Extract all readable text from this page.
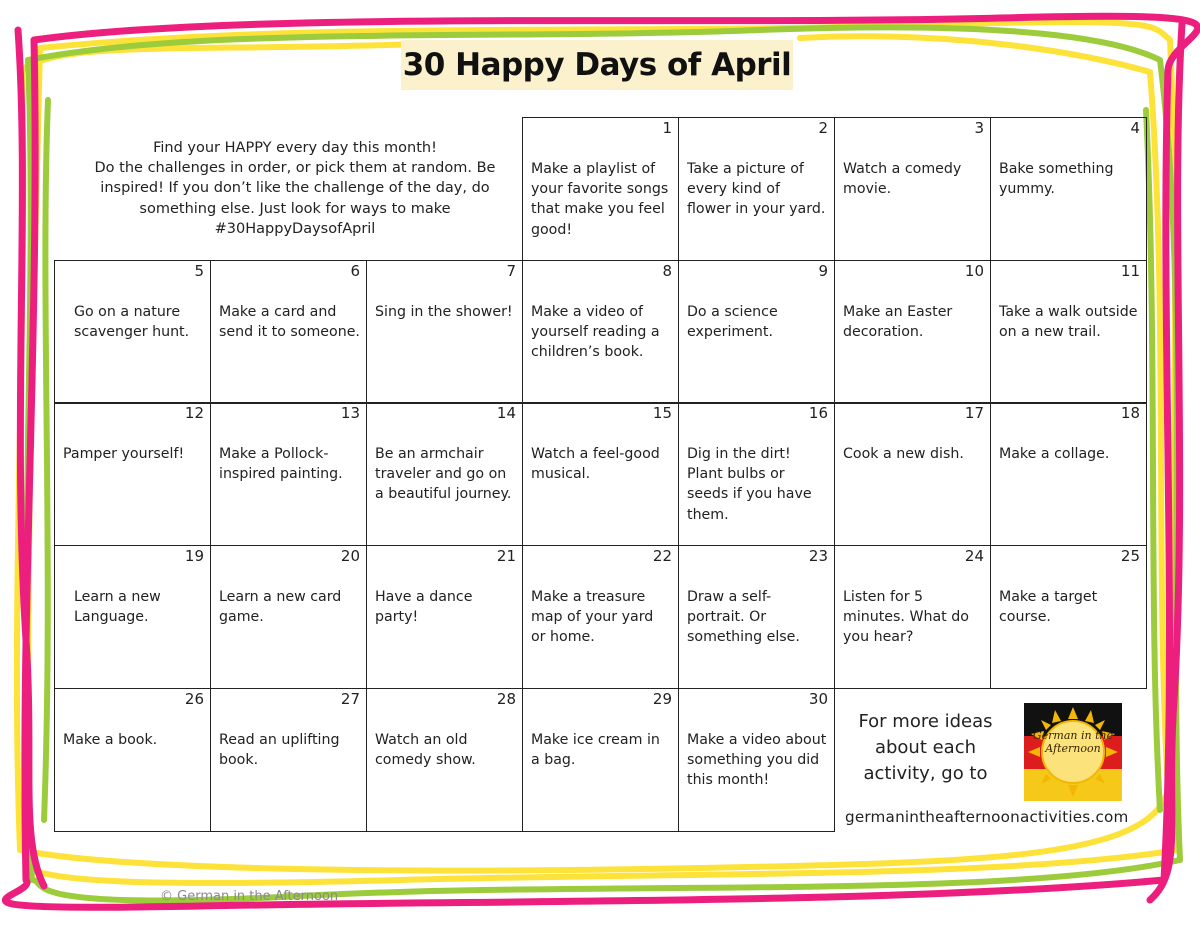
30 Happy Days of April

Find your HAPPY every day this month!

Do the challenges in order, or pick them at random. Be inspired! If you don’t like the challenge of the day, do something else. Just look for ways to make #30HappyDaysofApril

1
Make a playlist of your favorite songs that make you feel good!
2
Take a picture of every kind of flower in your yard.
3
Watch a comedy movie.
4
Bake something yummy.
5
Go on a nature scavenger hunt.
6
Make a card and send it to someone.
7
Sing in the shower!
8
Make a video of yourself reading a children’s book.
9
Do a science experiment.
10
Make an Easter decoration.
11
Take a walk outside on a new trail.
12
Pamper yourself!
13
Make a Pollock-inspired painting.
14
Be an armchair traveler and go on a beautiful journey.
15
Watch a feel-good musical.
16
Dig in the dirt! Plant bulbs or seeds if you have them.
17
Cook a new dish.
18
Make a collage.
19
Learn a new Language.
20
Learn a new card game.
21
Have a dance party!
22
Make a treasure map of your yard or home.
23
Draw a self-portrait. Or something else.
24
Listen for 5 minutes. What do you hear?
25
Make a target course.
26
Make a book.
27
Read an uplifting book.
28
Watch an old comedy show.
29
Make ice cream in a bag.
30
Make a video about something you did this month!
For more ideas about each activity, go to
German in the Afternoon
germanintheafternoonactivities.com
© German in the Afternoon
